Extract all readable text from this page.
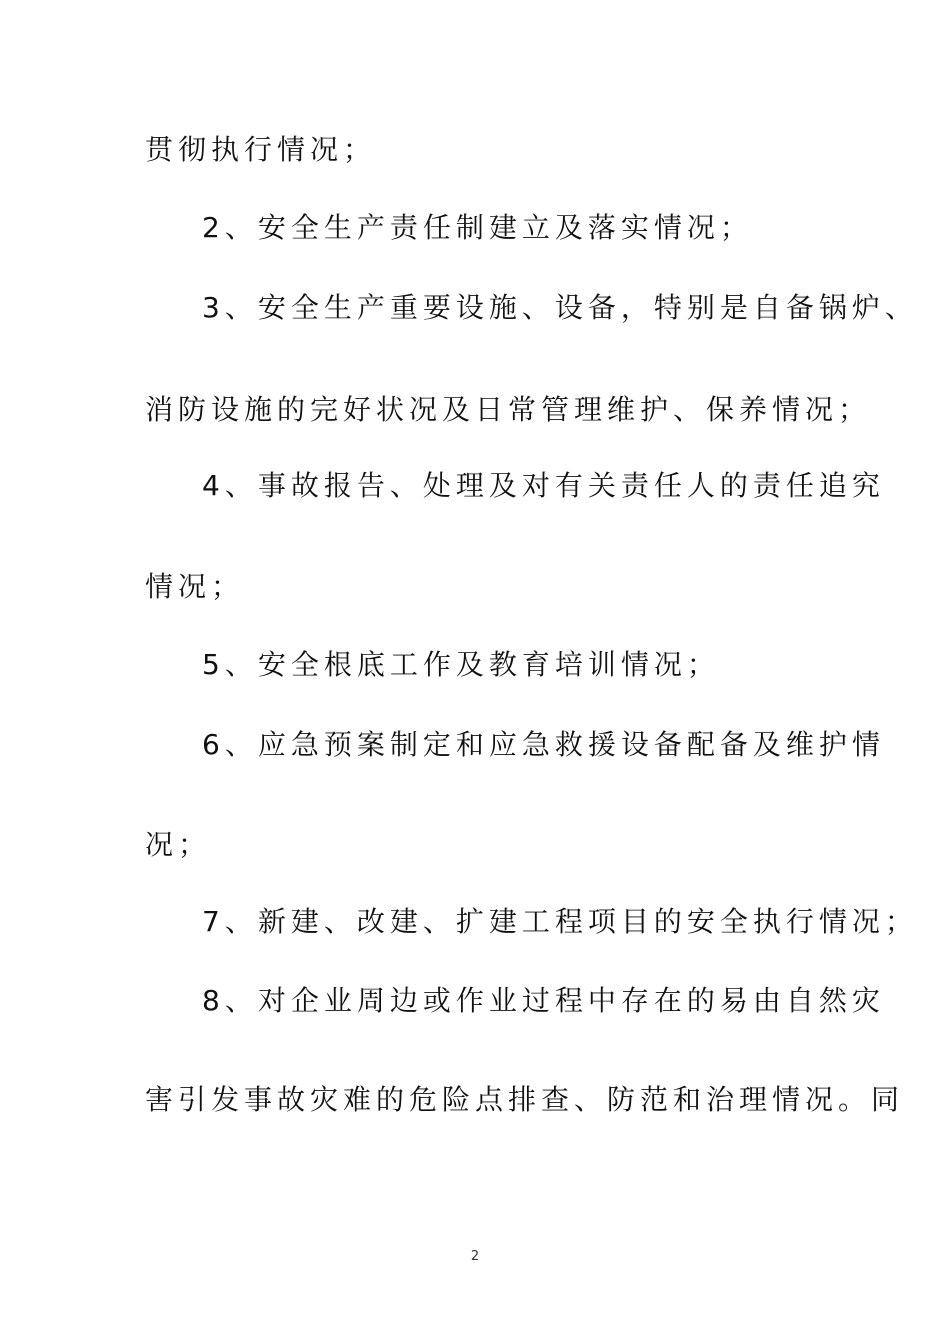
贯彻执行情况；
2、安全生产责任制建立及落实情况；
3、安全生产重要设施、设备，特别是自备锅炉、
消防设施的完好状况及日常管理维护、保养情况；
4、事故报告、处理及对有关责任人的责任追究
情况；
5、安全根底工作及教育培训情况；
6、应急预案制定和应急救援设备配备及维护情
况；
7、新建、改建、扩建工程项目的安全执行情况；
8、对企业周边或作业过程中存在的易由自然灾
害引发事故灾难的危险点排查、防范和治理情况。同
2
